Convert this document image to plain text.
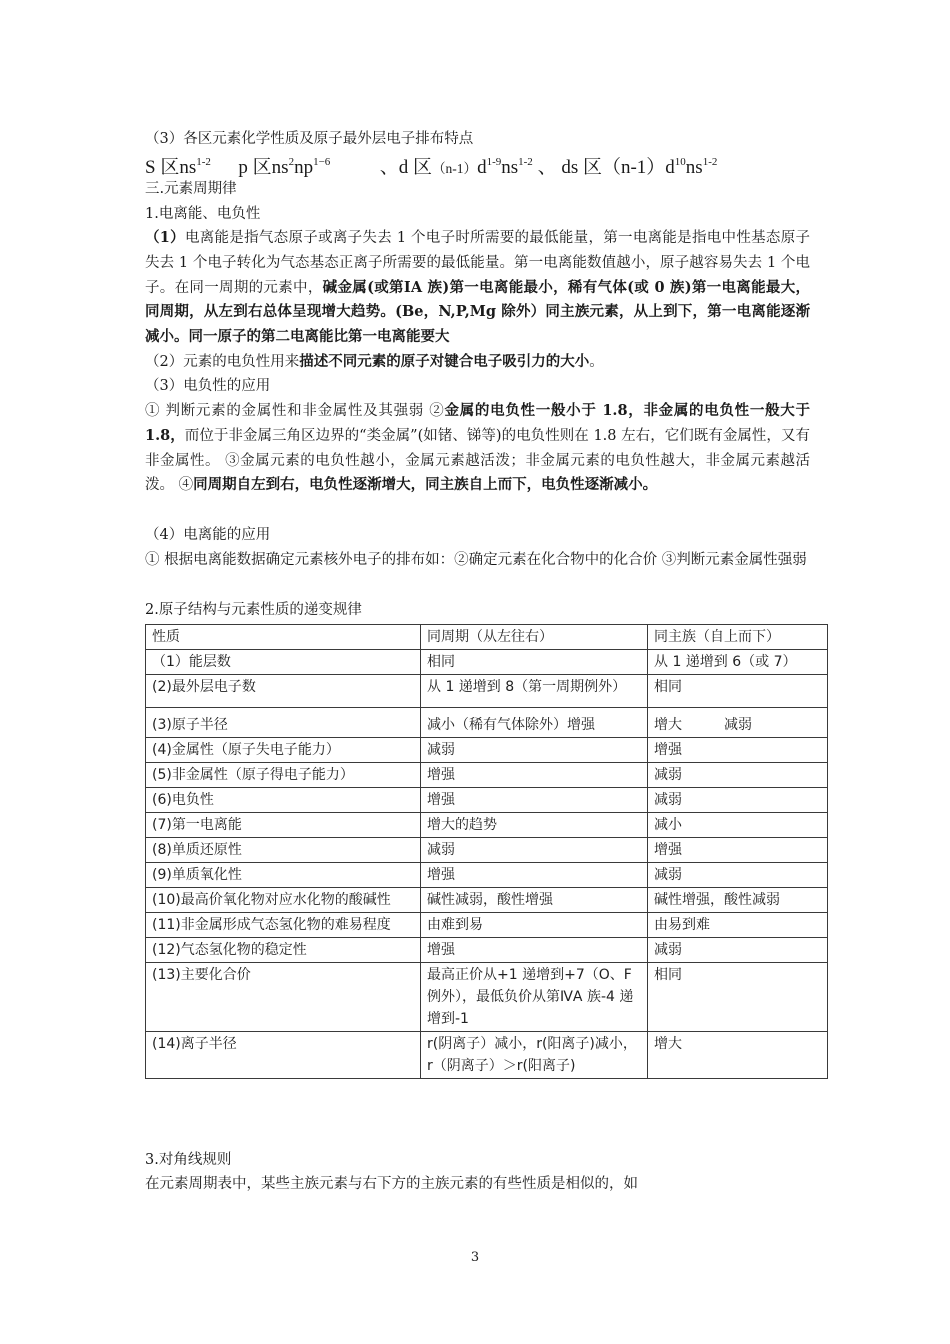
（3）各区元素化学性质及原子最外层电子排布特点
S 区$ns^{1-2}$ p 区$ns^2np^{1-6}$	、d 区$(n-1)d^{1-9}ns^{1-2}$ 、 ds 区$(n-1)d^{10}ns^{1-2}$
三.元素周期律
1.电离能、电负性
（1）电离能是指气态原子或离子失去 1 个电子时所需要的最低能量，第一电离能是指电中性基态原子失去 1 个电子转化为气态基态正离子所需要的最低能量。第一电离能数值越小，原子越容易失去 1 个电子。在同一周期的元素中，碱金属(或第ⅠA 族)第一电离能最小，稀有气体(或 0 族)第一电离能最大，同周期，从左到右总体呈现增大趋势。(Be，N,P,Mg 除外）同主族元素，从上到下，第一电离能逐渐减小。同一原子的第二电离能比第一电离能要大
（2）元素的电负性用来描述不同元素的原子对键合电子吸引力的大小。
（3）电负性的应用
① 判断元素的金属性和非金属性及其强弱 ②金属的电负性一般小于 1.8，非金属的电负性一般大于 1.8，而位于非金属三角区边界的“类金属”(如锗、锑等)的电负性则在 1.8 左右，它们既有金属性，又有非金属性。 ③金属元素的电负性越小，金属元素越活泼；非金属元素的电负性越大，非金属元素越活泼。 ④同周期自左到右，电负性逐渐增大，同主族自上而下，电负性逐渐减小。
（4）电离能的应用
① 根据电离能数据确定元素核外电子的排布如：②确定元素在化合物中的化合价 ③判断元素金属性强弱
2.原子结构与元素性质的递变规律
性质	同周期（从左往右）	同主族（自上而下）
（1）能层数	相同	从 1 递增到 6（或 7）
(2)最外层电子数	从 1 递增到 8（第一周期例外）	相同
(3)原子半径	减小（稀有气体除外）增强	增大　　　减弱
(4)金属性（原子失电子能力）	减弱	增强
(5)非金属性（原子得电子能力）	增强	减弱
(6)电负性	增强	减弱
(7)第一电离能	增大的趋势	减小
(8)单质还原性	减弱	增强
(9)单质氧化性	增强	减弱
(10)最高价氧化物对应水化物的酸碱性	碱性减弱，酸性增强	碱性增强，酸性减弱
(11)非金属形成气态氢化物的难易程度	由难到易	由易到难
(12)气态氢化物的稳定性	增强	减弱
(13)主要化合价	最高正价从+1 递增到+7（O、F 例外），最低负价从第ⅣA 族-4 递增到-1	相同
(14)离子半径	r(阴离子）减小，r(阳离子)减小，r（阴离子）＞r(阳离子)	增大
3.对角线规则
在元素周期表中，某些主族元素与右下方的主族元素的有些性质是相似的，如
3
